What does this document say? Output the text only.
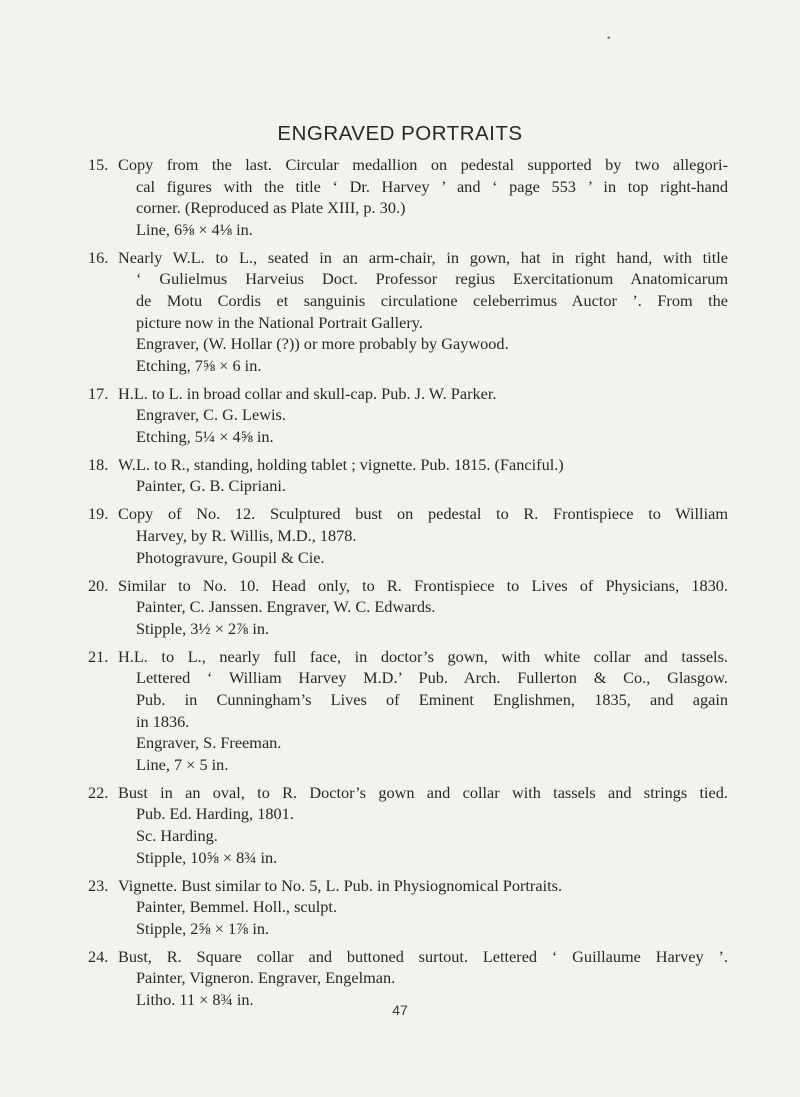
•
ENGRAVED PORTRAITS
15. Copy from the last. Circular medallion on pedestal supported by two allegori-
cal figures with the title ‘ Dr. Harvey ’ and ‘ page 553 ’ in top right-hand
corner. (Reproduced as Plate XIII, p. 30.)
Line, 6⅝ × 4⅛ in.
16. Nearly W.L. to L., seated in an arm-chair, in gown, hat in right hand, with title
‘ Gulielmus Harveius Doct. Professor regius Exercitationum Anatomicarum
de Motu Cordis et sanguinis circulatione celeberrimus Auctor ’. From the
picture now in the National Portrait Gallery.
Engraver, (W. Hollar (?)) or more probably by Gaywood.
Etching, 7⅝ × 6 in.
17. H.L. to L. in broad collar and skull-cap. Pub. J. W. Parker.
Engraver, C. G. Lewis.
Etching, 5¼ × 4⅝ in.
18. W.L. to R., standing, holding tablet ; vignette. Pub. 1815. (Fanciful.)
Painter, G. B. Cipriani.
19. Copy of No. 12. Sculptured bust on pedestal to R. Frontispiece to William
Harvey, by R. Willis, M.D., 1878.
Photogravure, Goupil & Cie.
20. Similar to No. 10. Head only, to R. Frontispiece to Lives of Physicians, 1830.
Painter, C. Janssen. Engraver, W. C. Edwards.
Stipple, 3½ × 2⅞ in.
21. H.L. to L., nearly full face, in doctor’s gown, with white collar and tassels.
Lettered ‘ William Harvey M.D.’ Pub. Arch. Fullerton & Co., Glasgow.
Pub. in Cunningham’s Lives of Eminent Englishmen, 1835, and again
in 1836.
Engraver, S. Freeman.
Line, 7 × 5 in.
22. Bust in an oval, to R. Doctor’s gown and collar with tassels and strings tied.
Pub. Ed. Harding, 1801.
Sc. Harding.
Stipple, 10⅝ × 8¾ in.
23. Vignette. Bust similar to No. 5, L. Pub. in Physiognomical Portraits.
Painter, Bemmel. Holl., sculpt.
Stipple, 2⅝ × 1⅞ in.
24. Bust, R. Square collar and buttoned surtout. Lettered ‘ Guillaume Harvey ’.
Painter, Vigneron. Engraver, Engelman.
Litho. 11 × 8¾ in.
47
